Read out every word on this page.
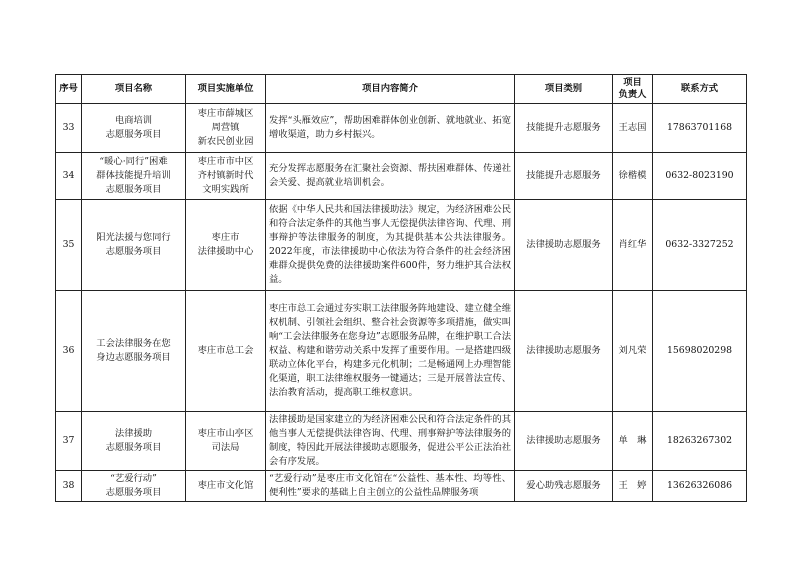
序号	项目名称	项目实施单位	项目内容简介	项目类别	项目
负责人	联系方式
33	电商培训
志愿服务项目	枣庄市薛城区
周营镇
新农民创业园	发挥“头雁效应”，帮助困难群体创业创新、就地就业、拓宽增收渠道，助力乡村振兴。	技能提升志愿服务	王志国	17863701168
34	“暖心·同行”困难
群体技能提升培训
志愿服务项目	枣庄市市中区
齐村镇新时代
文明实践所	充分发挥志愿服务在汇聚社会资源、帮扶困难群体、传递社会关爱、提高就业培训机会。	技能提升志愿服务	徐楷模	0632-8023190
35	阳光法援与您同行
志愿服务项目	枣庄市
法律援助中心	依据《中华人民共和国法律援助法》规定，为经济困难公民和符合法定条件的其他当事人无偿提供法律咨询、代理、刑事辩护等法律服务的制度，为其提供基本公共法律服务。2022年度，市法律援助中心依法为符合条件的社会经济困难群众提供免费的法律援助案件600件，努力维护其合法权益。	法律援助志愿服务	肖红华	0632-3327252
36	工会法律服务在您
身边志愿服务项目	枣庄市总工会	枣庄市总工会通过夯实职工法律服务阵地建设、建立健全维权机制、引领社会组织、整合社会资源等多项措施，做实叫响“工会法律服务在您身边”志愿服务品牌，在维护职工合法权益、构建和谐劳动关系中发挥了重要作用。一是搭建四级联动立体化平台，构建多元化机制；二是畅通网上办理智能化渠道，职工法律维权服务一键通达；三是开展普法宣传、法治教育活动，提高职工维权意识。	法律援助志愿服务	刘凡荣	15698020298
37	法律援助
志愿服务项目	枣庄市山亭区
司法局	法律援助是国家建立的为经济困难公民和符合法定条件的其他当事人无偿提供法律咨询、代理、刑事辩护等法律服务的制度，特因此开展法律援助志愿服务，促进公平公正法治社会有序发展。	法律援助志愿服务	单　琳	18263267302
38	“艺爱行动”
志愿服务项目	枣庄市文化馆	“艺爱行动”是枣庄市文化馆在“公益性、基本性、均等性、便利性”要求的基础上自主创立的公益性品牌服务项	爱心助残志愿服务	王　婷	13626326086
